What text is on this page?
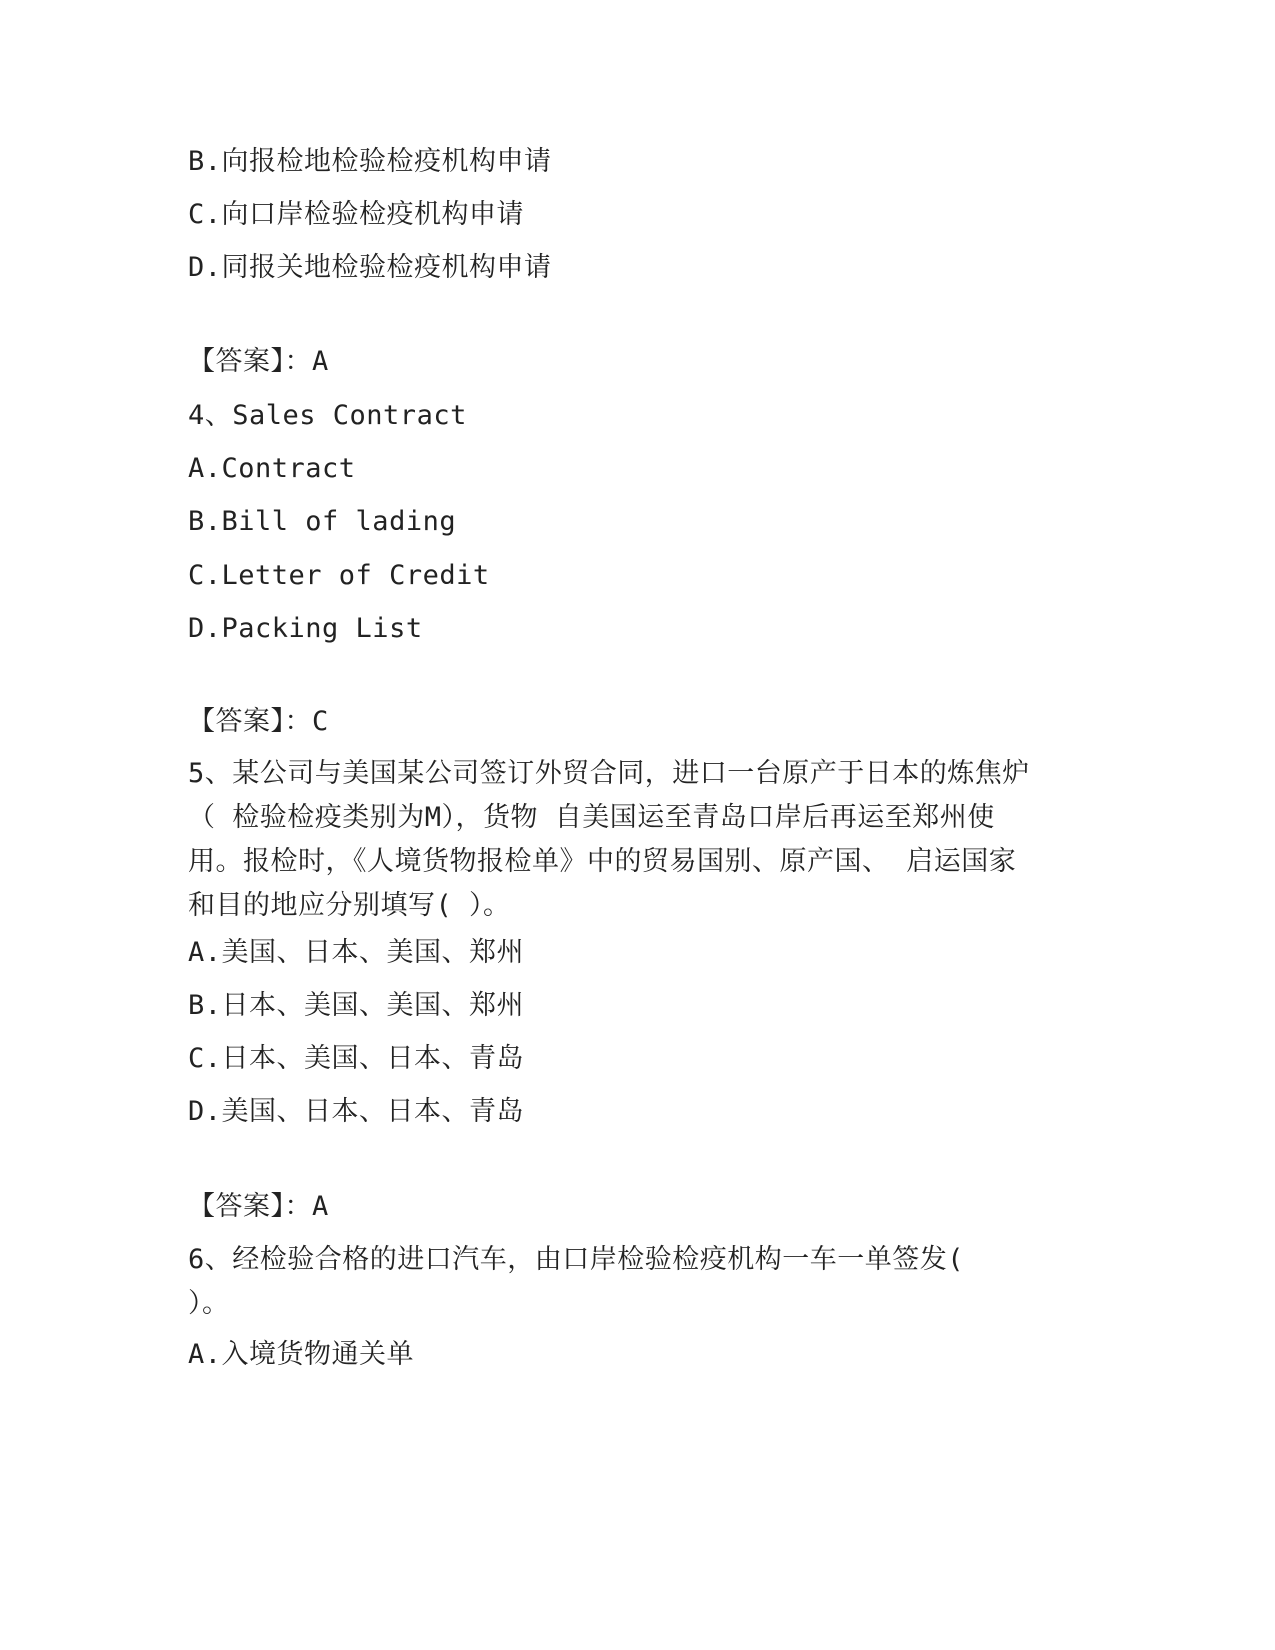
B.向报检地检验检疫机构申请
C.向口岸检验检疫机构申请
D.同报关地检验检疫机构申请
【答案】：A
4、Sales Contract
A.Contract
B.Bill of lading
C.Letter of Credit
D.Packing List
【答案】：C
5、某公司与美国某公司签订外贸合同，进口一台原产于日本的炼焦炉
（ 检验检疫类别为M），货物 自美国运至青岛口岸后再运至郑州使
用。报检时，《人境货物报检单》中的贸易国别、原产国、 启运国家
和目的地应分别填写( ）。
A.美国、日本、美国、郑州
B.日本、美国、美国、郑州
C.日本、美国、日本、青岛
D.美国、日本、日本、青岛
【答案】：A
6、经检验合格的进口汽车，由口岸检验检疫机构一车一单签发(
）。
A.入境货物通关单
